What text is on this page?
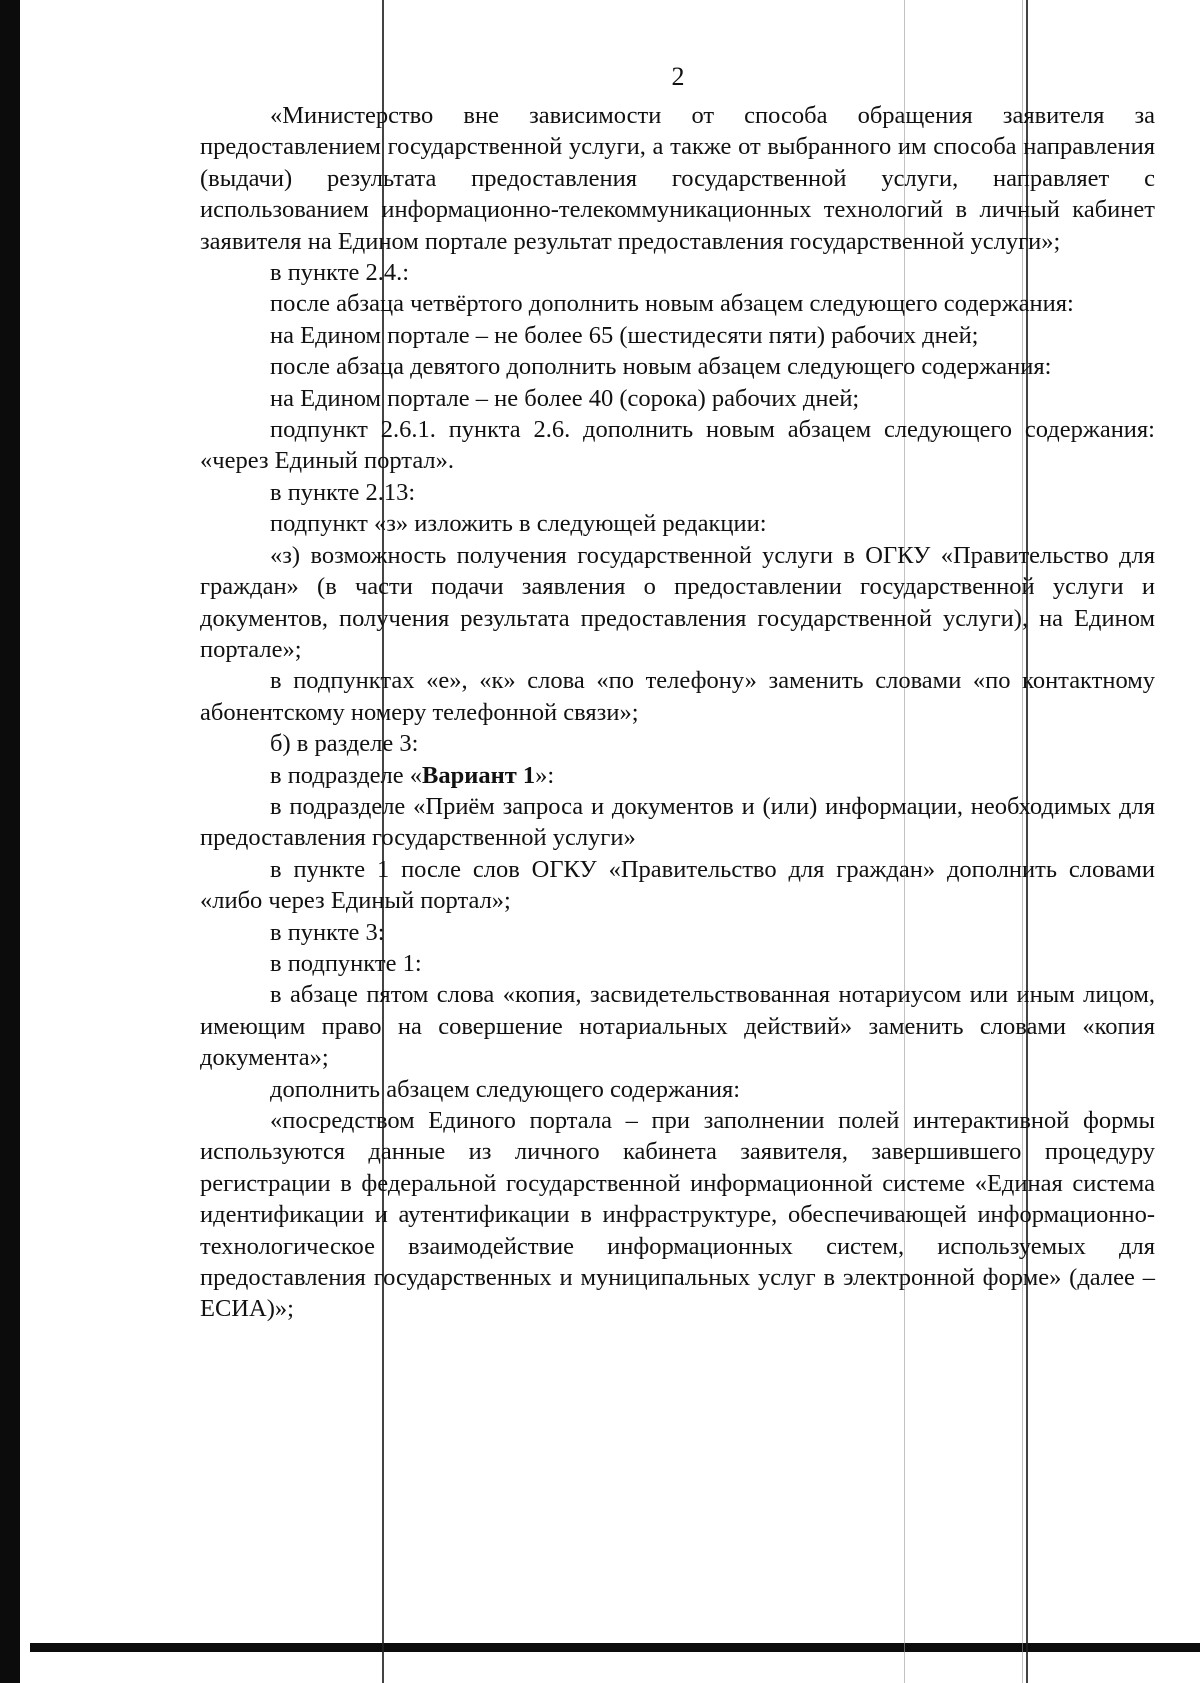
2

«Министерство вне зависимости от способа обращения заявителя за предоставлением государственной услуги, а также от выбранного им способа направления (выдачи) результата предоставления государственной услуги, направляет с использованием информационно-телекоммуникационных технологий в личный кабинет заявителя на Едином портале результат предоставления государственной услуги»;

в пункте 2.4.:

после абзаца четвёртого дополнить новым абзацем следующего содержания:

на Едином портале – не более 65 (шестидесяти пяти) рабочих дней;

после абзаца девятого дополнить новым абзацем следующего содержания:

на Едином портале – не более 40 (сорока) рабочих дней;

подпункт 2.6.1. пункта 2.6. дополнить новым абзацем следующего содержания: «через Единый портал».

в пункте 2.13:

подпункт «з» изложить в следующей редакции:

«з) возможность получения государственной услуги в ОГКУ «Правительство для граждан» (в части подачи заявления о предоставлении государственной услуги и документов, получения результата предоставления государственной услуги), на Едином портале»;

в подпунктах «е», «к» слова «по телефону» заменить словами «по контактному абонентскому номеру телефонной связи»;

б) в разделе 3:

в подразделе «Вариант 1»:

в подразделе «Приём запроса и документов и (или) информации, необходимых для предоставления государственной услуги»

в пункте 1 после слов ОГКУ «Правительство для граждан» дополнить словами «либо через Единый портал»;

в пункте 3:

в подпункте 1:

в абзаце пятом слова «копия, засвидетельствованная нотариусом или иным лицом, имеющим право на совершение нотариальных действий» заменить словами «копия документа»;

дополнить абзацем следующего содержания:

«посредством Единого портала – при заполнении полей интерактивной формы используются данные из личного кабинета заявителя, завершившего процедуру регистрации в федеральной государственной информационной системе «Единая система идентификации и аутентификации в инфраструктуре, обеспечивающей информационно-технологическое взаимодействие информационных систем, используемых для предоставления государственных и муниципальных услуг в электронной форме» (далее – ЕСИА)»;
